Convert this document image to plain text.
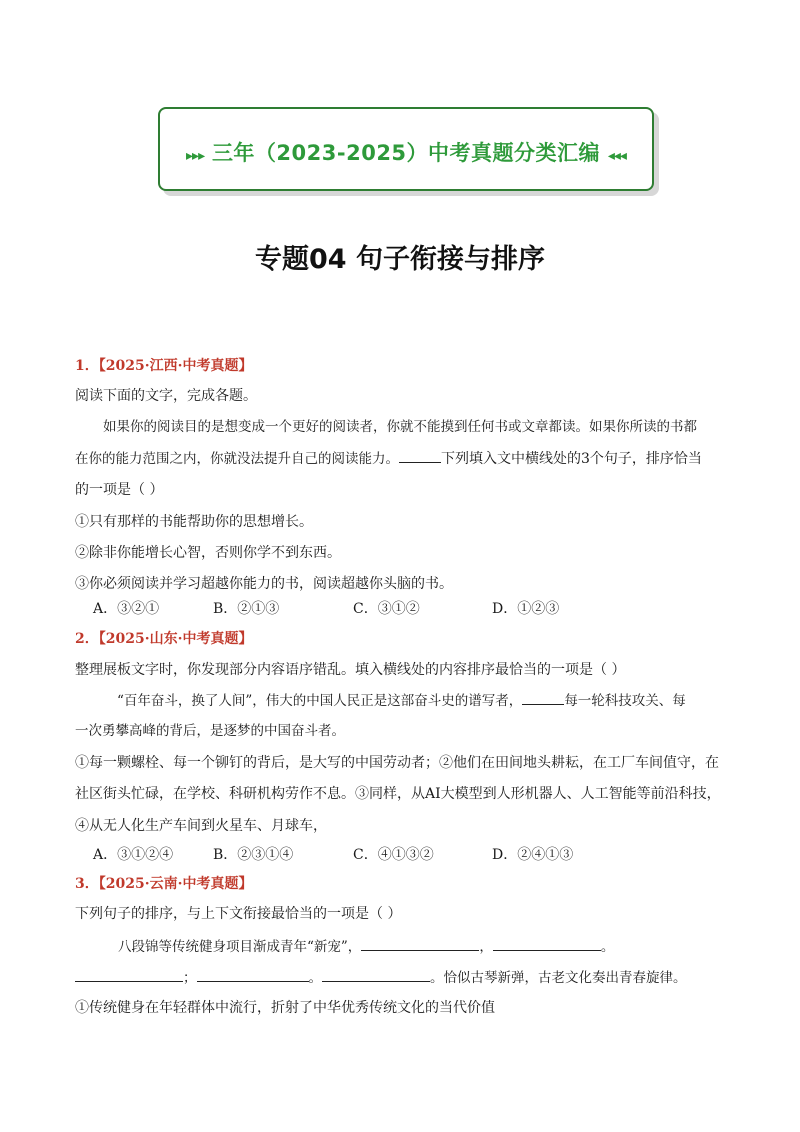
▸▸▸ 三年（2023-2025）中考真题分类汇编 ◂◂◂
专题04 句子衔接与排序
1．【2025·江西·中考真题】
阅读下面的文字，完成各题。
如果你的阅读目的是想变成一个更好的阅读者，你就不能摸到任何书或文章都读。如果你所读的书都
在你的能力范围之内，你就没法提升自己的阅读能力。	下列填入文中横线处的3个句子，排序恰当
的一项是（ ）
①只有那样的书能帮助你的思想增长。
②除非你能增长心智，否则你学不到东西。
③你必须阅读并学习超越你能力的书，阅读超越你头脑的书。
A．③②①	B．②①③	C．③①②	D．①②③
2．【2025·山东·中考真题】
整理展板文字时，你发现部分内容语序错乱。填入横线处的内容排序最恰当的一项是（ ）
“百年奋斗，换了人间”，伟大的中国人民正是这部奋斗史的谱写者，	每一轮科技攻关、每
一次勇攀高峰的背后，是逐梦的中国奋斗者。
①每一颗螺栓、每一个铆钉的背后，是大写的中国劳动者；②他们在田间地头耕耘，在工厂车间值守，在
社区街头忙碌，在学校、科研机构劳作不息。③同样，从AI大模型到人形机器人、人工智能等前沿科技，
④从无人化生产车间到火星车、月球车，
A．③①②④	B．②③①④	C．④①③②	D．②④①③
3．【2025·云南·中考真题】
下列句子的排序，与上下文衔接最恰当的一项是（ ）
八段锦等传统健身项目渐成青年“新宠”，	，	。
；	。	。恰似古琴新弹，古老文化奏出青春旋律。
①传统健身在年轻群体中流行，折射了中华优秀传统文化的当代价值
